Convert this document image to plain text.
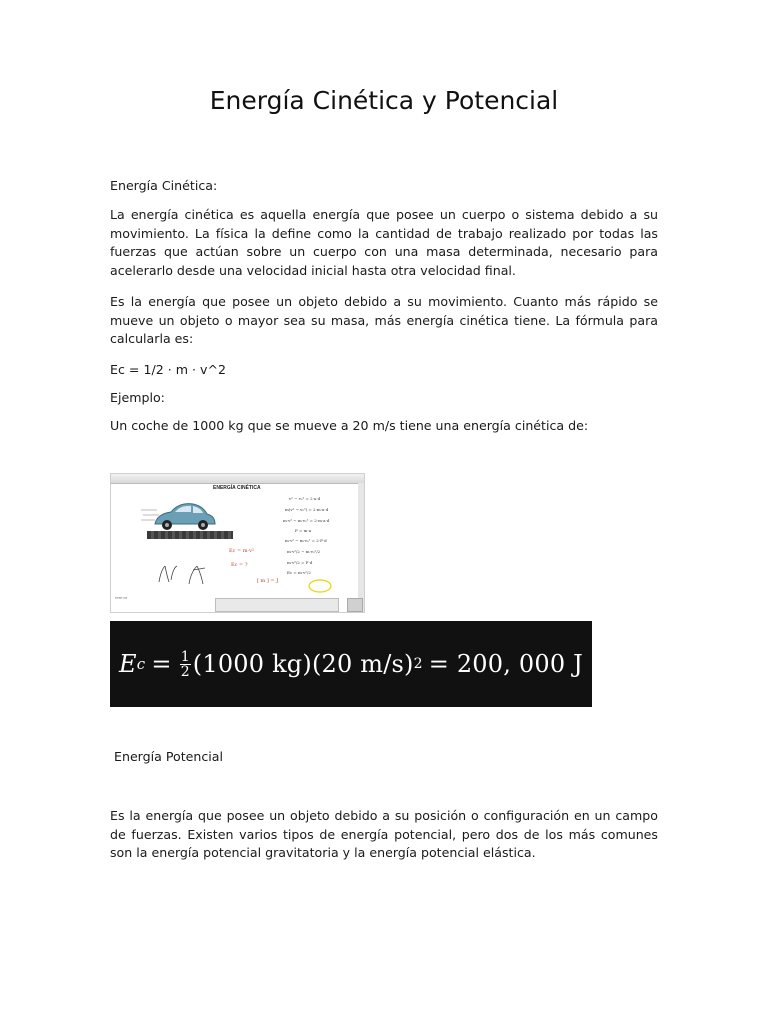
Energía Cinética y Potencial

Energía Cinética:

La energía cinética es aquella energía que posee un cuerpo o sistema debido a su movimiento. La física la define como la cantidad de trabajo realizado por todas las fuerzas que actúan sobre un cuerpo con una masa determinada, necesario para acelerarlo desde una velocidad inicial hasta otra velocidad final.

Es la energía que posee un objeto debido a su movimiento. Cuanto más rápido se mueve un objeto o mayor sea su masa, más energía cinética tiene. La fórmula para calcularla es:

Ec = 1/2 · m · v^2

Ejemplo:

Un coche de 1000 kg que se mueve a 20 m/s tiene una energía cinética de:

ENERGÍA CINÉTICA
v² − v₀² = 2·a·d
m(v² − v₀²) = 2·m·a·d
m·v² − m·v₀² = 2·m·a·d
F = m·a
m·v² − m·v₀² = 2·F·d
m·v²/2 − m·v₀²/2
m·v²/2 = F·d
Ec = m·v²/2
Ec = m·v²
Ec = ?
[ m ] = J
▪▪▪▪▪▪ ▪▪▪
E $c = \frac{1}{2} (1000$ kg) (20 m/s) 2 = 200, 000 J

Energía Potencial

Es la energía que posee un objeto debido a su posición o configuración en un campo de fuerzas. Existen varios tipos de energía potencial, pero dos de los más comunes son la energía potencial gravitatoria y la energía potencial elástica.
